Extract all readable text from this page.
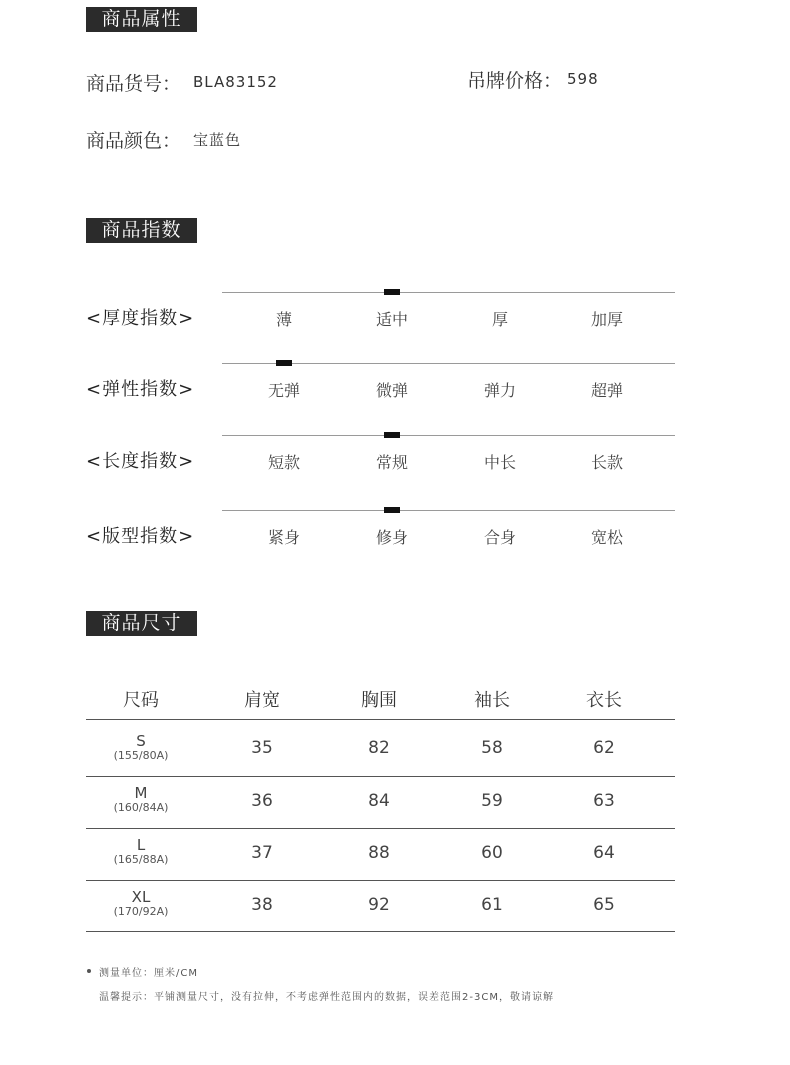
商品属性
商品货号： BLA83152	吊牌价格： 598
商品颜色： 宝蓝色
商品指数
<厚度指数>	薄	适中	厚	加厚
<弹性指数>	无弹	微弹	弹力	超弹
<长度指数>	短款	常规	中长	长款
<版型指数>	紧身	修身	合身	宽松
商品尺寸
尺码	肩宽	胸围	袖长	衣长
S
(155/80A)	35	82	58	62
M
(160/84A)	36	84	59	63
L
(165/88A)	37	88	60	64
XL
(170/92A)	38	92	61	65
测量单位：厘米/CM
温馨提示：平铺测量尺寸，没有拉伸，不考虑弹性范围内的数据，误差范围2-3CM，敬请谅解
